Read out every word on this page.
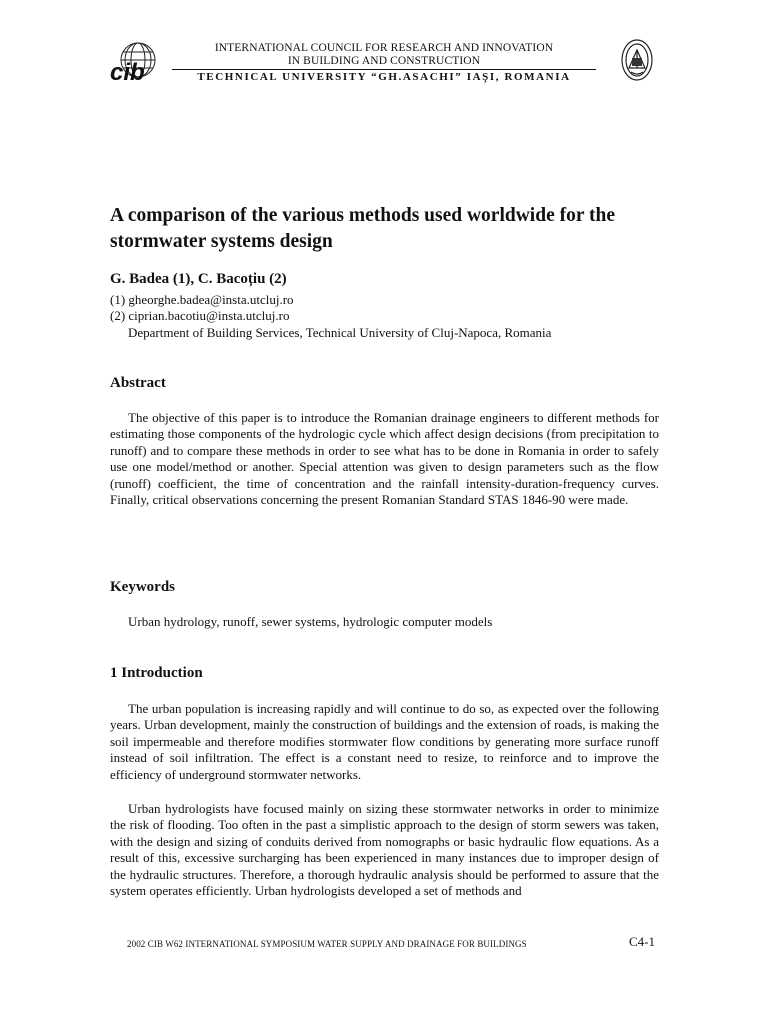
cib
INTERNATIONAL COUNCIL FOR RESEARCH AND INNOVATION
IN BUILDING AND CONSTRUCTION
TECHNICAL UNIVERSITY “GH.ASACHI” IAŞI, ROMANIA
A comparison of the various methods used worldwide for the stormwater systems design
G. Badea (1), C. Bacoțiu (2)
(1) gheorghe.badea@insta.utcluj.ro
(2) ciprian.bacotiu@insta.utcluj.ro
Department of Building Services, Technical University of Cluj-Napoca, Romania
Abstract

The objective of this paper is to introduce the Romanian drainage engineers to different methods for estimating those components of the hydrologic cycle which affect design decisions (from precipitation to runoff) and to compare these methods in order to see what has to be done in Romania in order to safely use one model/method or another. Special attention was given to design parameters such as the flow (runoff) coefficient, the time of concentration and the rainfall intensity-duration-frequency curves. Finally, critical observations concerning the present Romanian Standard STAS 1846-90 were made.

Keywords
Urban hydrology, runoff, sewer systems, hydrologic computer models
1 Introduction

The urban population is increasing rapidly and will continue to do so, as expected over the following years. Urban development, mainly the construction of buildings and the extension of roads, is making the soil impermeable and therefore modifies stormwater flow conditions by generating more surface runoff instead of soil infiltration. The effect is a constant need to resize, to reinforce and to improve the efficiency of underground stormwater networks.

Urban hydrologists have focused mainly on sizing these stormwater networks in order to minimize the risk of flooding. Too often in the past a simplistic approach to the design of storm sewers was taken, with the design and sizing of conduits derived from nomographs or basic hydraulic flow equations. As a result of this, excessive surcharging has been experienced in many instances due to improper design of the hydraulic structures. Therefore, a thorough hydraulic analysis should be performed to assure that the system operates efficiently. Urban hydrologists developed a set of methods and

2002 CIB W62 INTERNATIONAL SYMPOSIUM WATER SUPPLY AND DRAINAGE FOR BUILDINGS	C4-1
